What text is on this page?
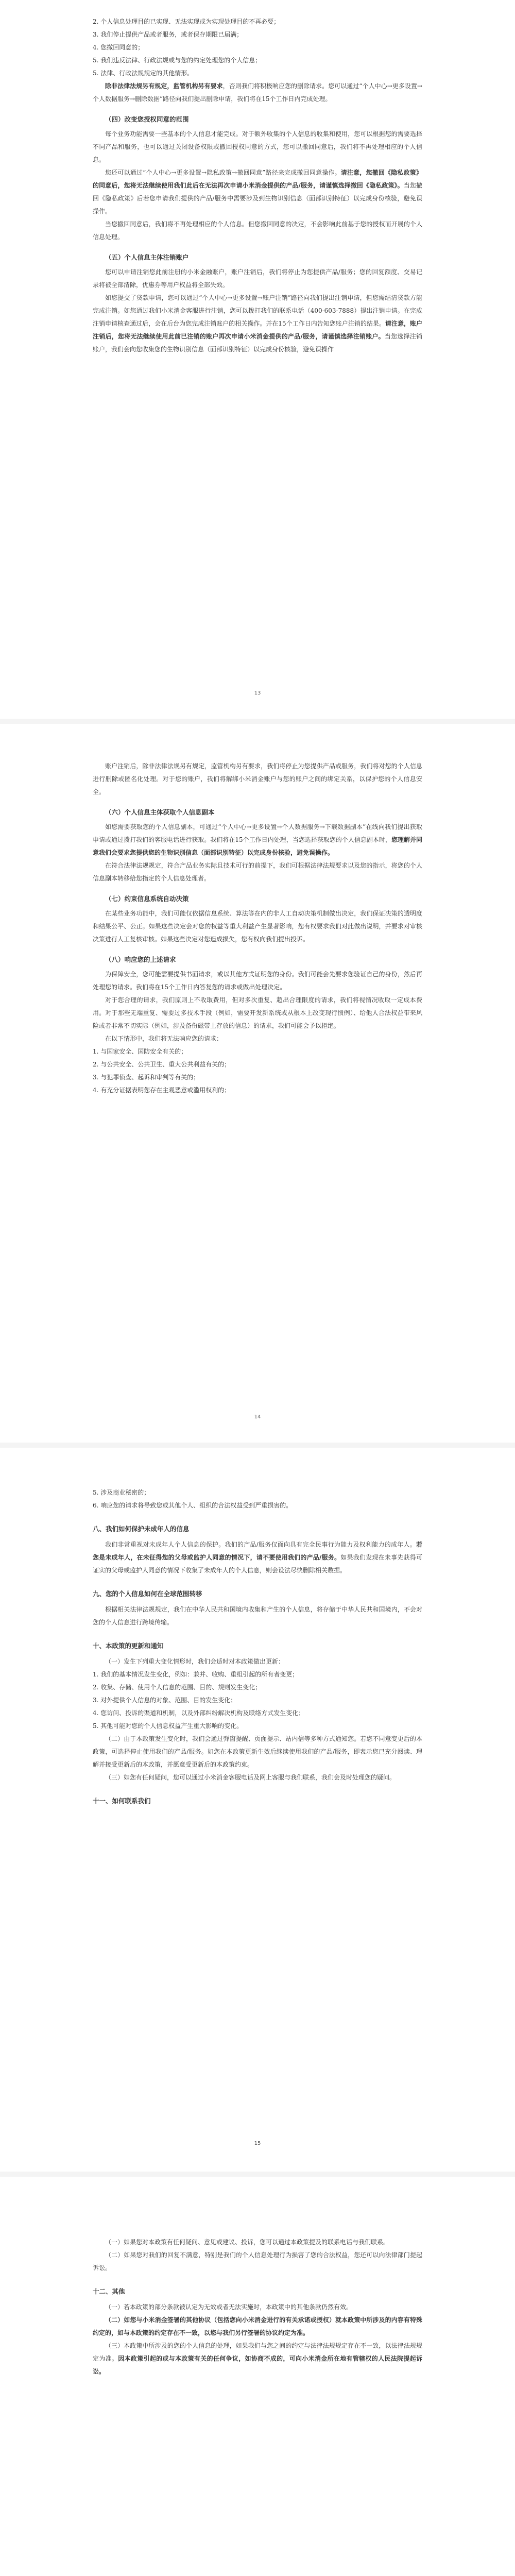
2. 个人信息处理目的已实现、无法实现或为实现处理目的不再必要；

3. 我们停止提供产品或者服务，或者保存期限已届满；

4. 您撤回同意的；

5. 我们违反法律、行政法规或与您的约定处理您的个人信息；

5. 法律、行政法规规定的其他情形。

除非法律法规另有规定，监管机构另有要求，否则我们将积极响应您的删除请求。您可以通过“个人中心→更多设置→个人数据服务→删除数据”路径向我们提出删除申请，我们将在15个工作日内完成处理。

（四）改变您授权同意的范围

每个业务功能需要一些基本的个人信息才能完成。对于额外收集的个人信息的收集和使用，您可以根据您的需要选择不同产品和服务，也可以通过关闭设备权限或撤回授权同意的方式，您可以撤回同意后，我们将不再处理相应的个人信息。

您还可以通过“个人中心→更多设置→隐私政策→撤回同意”路径来完成撤回同意操作。请注意，您撤回《隐私政策》的同意后，您将无法继续使用我们此后在无法再次申请小米消金提供的产品/服务，请谨慎选择撤回《隐私政策》。当您撤回《隐私政策》后若您申请我们提供的产品/服务中需要涉及到生物识别信息（面部识别特征）以完成身份核验，避免误操作。

当您撤回同意后，我们将不再处理相应的个人信息。但您撤回同意的决定，不会影响此前基于您的授权而开展的个人信息处理。

（五）个人信息主体注销账户

您可以申请注销您此前注册的小米金融账户，账户注销后，我们将停止为您提供产品/服务；您的回复额度、交易记录将被全部清除，优惠券等用户权益将全部失效。

如您提交了贷款申请，您可以通过“个人中心→更多设置→账户注销”路径向我们提出注销申请，但您需结清贷款方能完成注销。如您通过我们小米消金客服进行注销，您可以拨打我们的联系电话（400-603-7888）提出注销申请。在完成注销申请核查通过后，会在后台为您完成注销账户的相关操作。并在15个工作日内告知您账户注销的结果。请注意，账户注销后，您将无法继续使用此前已注销的账户再次申请小米消金提供的产品/服务，请谨慎选择注销账户。当您选择注销账户，我们会向您收集您的生物识别信息（面部识别特征）以完成身份核验，避免误操作

13

账户注销后，除非法律法规另有规定，监管机构另有要求，我们将停止为您提供产品或服务，我们将对您的个人信息进行删除或匿名化处理。对于您的账户，我们将解绑小米消金账户与您的账户之间的绑定关系，以保护您的个人信息安全。

（六）个人信息主体获取个人信息副本

如您需要获取您的个人信息副本，可通过“个人中心→更多设置→个人数据服务→下载数据副本”在线向我们提出获取申请或通过拨打我们的客服电话进行获取。我们将在15个工作日内处理，当您选择获取您的个人信息副本时，您理解并同意我们会要求您提供您的生物识别信息（面部识别特征）以完成身份核验，避免误操作。

在符合法律法规规定，符合产品业务实际且技术可行的前提下，我们可根据法律法规要求以及您的指示，将您的个人信息副本转移给您指定的个人信息处理者。

（七）约束信息系统自动决策

在某些业务功能中，我们可能仅依据信息系统、算法等在内的非人工自动决策机制做出决定，我们保证决策的透明度和结果公平、公正。如果这些决定会对您的权益等重大利益产生显著影响，您有权要求我们对此做出说明，并要求对审核决策进行人工复核审核。如果这些决定对您造成损失，您有权向我们提出投诉。

（八）响应您的上述请求

为保障安全，您可能需要提供书面请求，或以其他方式证明您的身份。我们可能会先要求您验证自己的身份，然后再处理您的请求。我们将在15个工作日内答复您的请求或做出处理决定。

对于您合理的请求，我们原则上不收取费用，但对多次重复、超出合理限度的请求，我们将视情况收取一定成本费用。对于那些无端重复、需要过多技术手段（例如，需要开发新系统或从根本上改变现行惯例）、给他人合法权益带来风险或者非常不切实际（例如，涉及备份磁带上存放的信息）的请求，我们可能会予以拒绝。

在以下情形中，我们将无法响应您的请求：

1. 与国家安全、国防安全有关的；

2. 与公共安全、公共卫生、重大公共利益有关的；

3. 与犯罪侦查、起诉和审判等有关的；

4. 有充分证据表明您存在主观恶意或滥用权利的；

14

5. 涉及商业秘密的；

6. 响应您的请求将导致您或其他个人、组织的合法权益受到严重损害的。

八、我们如何保护未成年人的信息

我们非常重视对未成年人个人信息的保护。我们的产品/服务仅面向具有完全民事行为能力及权利能力的成年人。若您是未成年人，在未征得您的父母或监护人同意的情况下，请不要使用我们的产品/服务。如果我们发现在未事先获得可证实的父母或监护人同意的情况下收集了未成年人的个人信息，则会设法尽快删除相关数据。

九、您的个人信息如何在全球范围转移

根据相关法律法规规定，我们在中华人民共和国境内收集和产生的个人信息，将存储于中华人民共和国境内，不会对您的个人信息进行跨境传输。

十、本政策的更新和通知

（一）发生下列重大变化情形时，我们会适时对本政策做出更新：

1. 我们的基本情况发生变化，例如：兼并、收购、重组引起的所有者变更；

2. 收集、存储、使用个人信息的范围、目的、规则发生变化；

3. 对外提供个人信息的对象、范围、目的发生变化；

4. 您访问、投诉的渠道和机制，以及外部纠纷解决机构及联络方式发生变化；

5. 其他可能对您的个人信息权益产生重大影响的变化。

（二）由于本政策发生变化时，我们会通过弹窗提醒、页面提示、站内信等多种方式通知您。若您不同意变更后的本政策，可选择停止使用我们的产品/服务。如您在本政策更新生效后继续使用我们的产品/服务，即表示您已充分阅读、理解并接受更新后的本政策，并愿意受更新后的本政策约束。

（三）如您有任何疑问，您可以通过小米消金客服电话及网上客服与我们联系，我们会及时处理您的疑问。

十一、如何联系我们
15

（一）如果您对本政策有任何疑问、意见或建议、投诉，您可以通过本政策提及的联系电话与我们联系。

（二）如果您对我们的回复不满意，特别是我们的个人信息处理行为损害了您的合法权益，您还可以向法律部门提起诉讼。

十二、其他

（一）若本政策的部分条款被认定为无效或者无法实施时，本政策中的其他条款仍然有效。

（二）如您与小米消金签署的其他协议（包括您向小米消金进行的有关承诺或授权）就本政策中所涉及的内容有特殊约定的，如与本政策的约定存在不一致，以您与我们另行签署的协议约定为准。

（三）本政策中所涉及的您的个人信息的处理，如果我们与您之间的约定与法律法规规定存在不一致，以法律法规规定为准。因本政策引起的或与本政策有关的任何争议，如协商不成的，可向小米消金所在地有管辖权的人民法院提起诉讼。
